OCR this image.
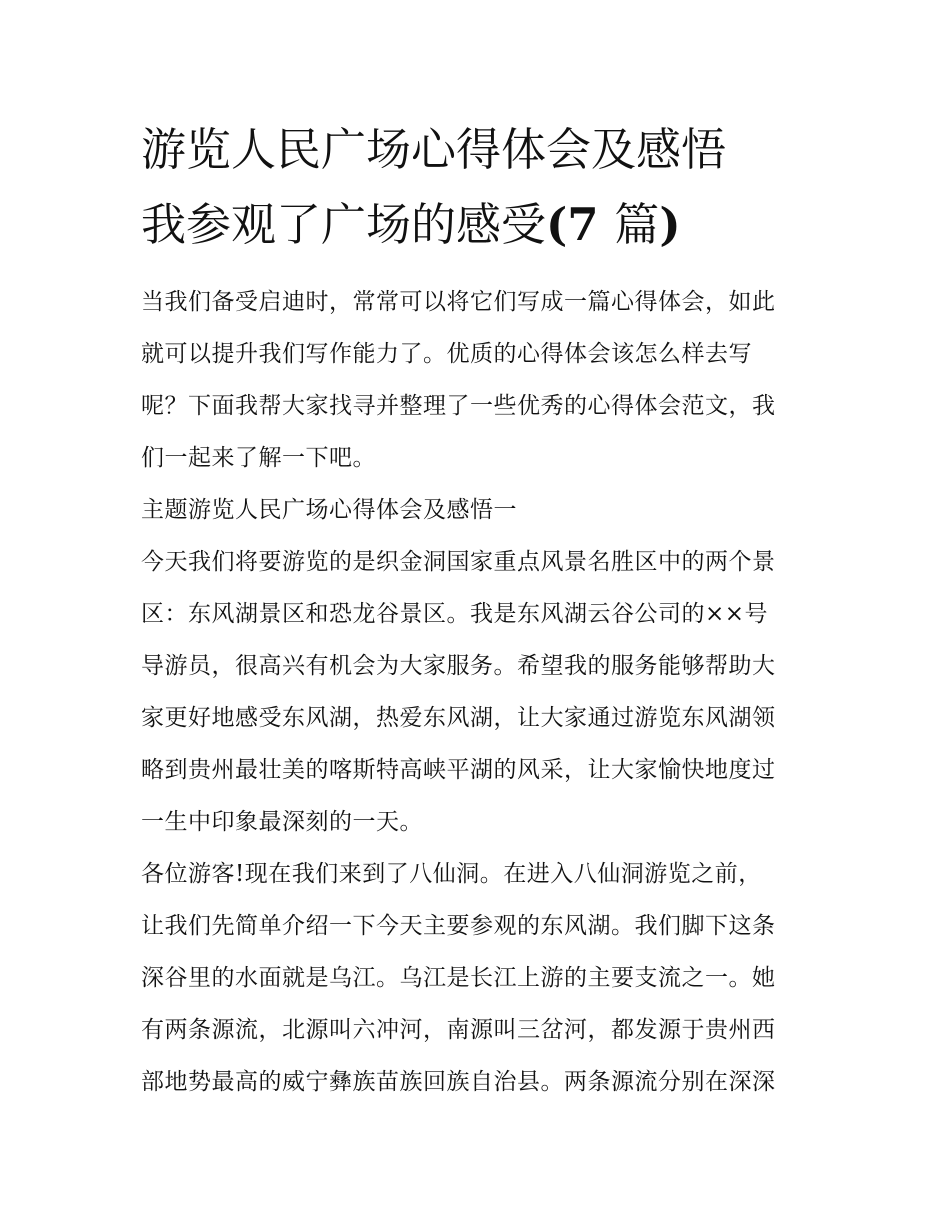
游览人民广场心得体会及感悟
我参观了广场的感受(7 篇)
当我们备受启迪时，常常可以将它们写成一篇心得体会，如此
就可以提升我们写作能力了。优质的心得体会该怎么样去写
呢？下面我帮大家找寻并整理了一些优秀的心得体会范文，我
们一起来了解一下吧。
主题游览人民广场心得体会及感悟一
今天我们将要游览的是织金洞国家重点风景名胜区中的两个景
区：东风湖景区和恐龙谷景区。我是东风湖云谷公司的××号
导游员，很高兴有机会为大家服务。希望我的服务能够帮助大
家更好地感受东风湖，热爱东风湖，让大家通过游览东风湖领
略到贵州最壮美的喀斯特高峡平湖的风采，让大家愉快地度过
一生中印象最深刻的一天。
各位游客!现在我们来到了八仙洞。在进入八仙洞游览之前，
让我们先简单介绍一下今天主要参观的东风湖。我们脚下这条
深谷里的水面就是乌江。乌江是长江上游的主要支流之一。她
有两条源流，北源叫六冲河，南源叫三岔河，都发源于贵州西
部地势最高的威宁彝族苗族回族自治县。两条源流分别在深深
